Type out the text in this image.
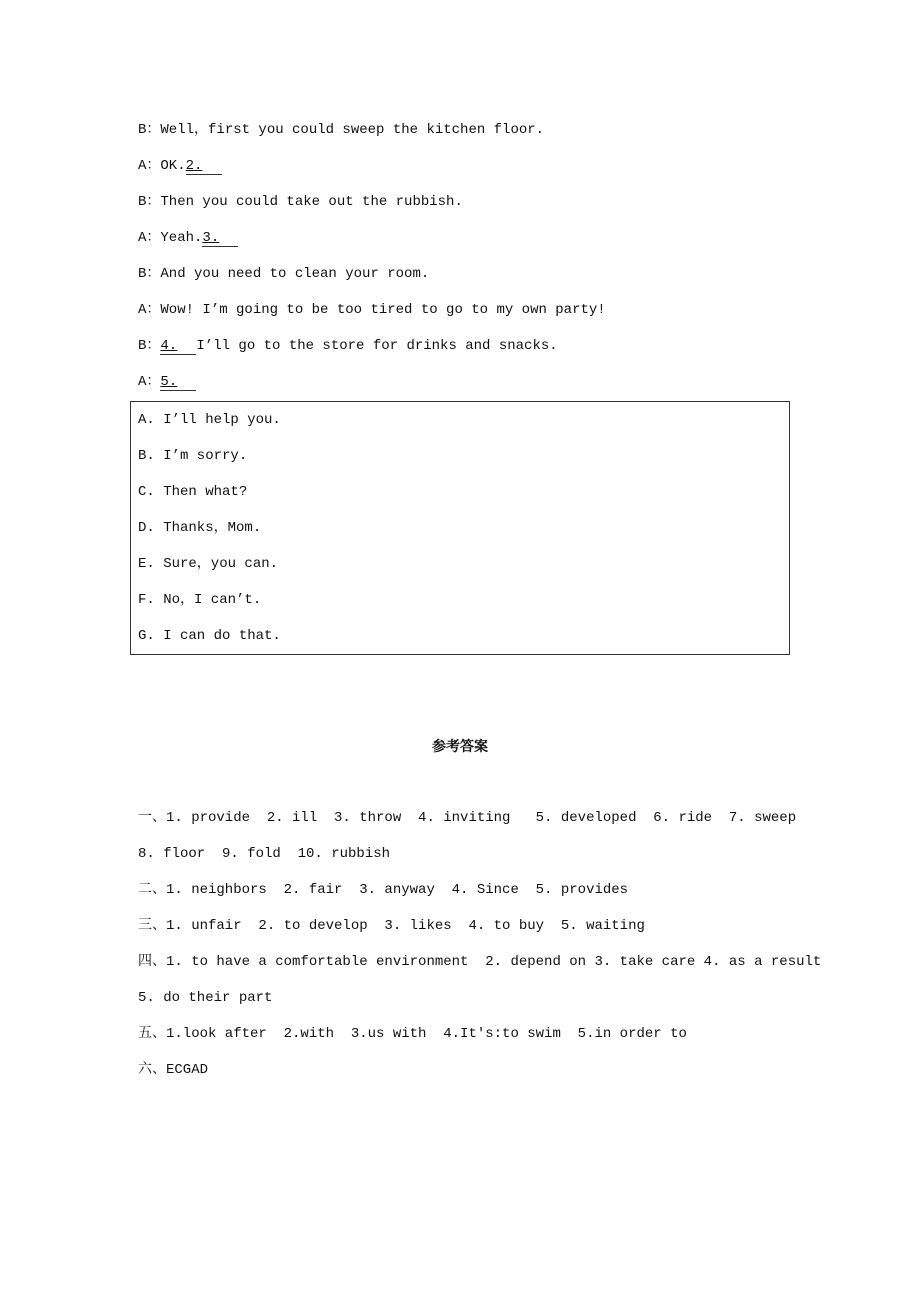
B：Well，first you could sweep the kitchen floor.
A：OK.2.
B：Then you could take out the rubbish.
A：Yeah.3.
B：And you need to clean your room.
A：Wow! I’m going to be too tired to go to my own party!
B：4. I’ll go to the store for drinks and snacks.
A：5.
A. I’ll help you.
B. I’m sorry.
C. Then what?
D. Thanks，Mom.
E. Sure，you can.
F. No，I can’t.
G. I can do that.
参考答案
一、1. provide  2. ill  3. throw  4. inviting   5. developed  6. ride  7. sweep
8. floor  9. fold  10. rubbish
二、1. neighbors  2. fair  3. anyway  4. Since  5. provides
三、1. unfair  2. to develop  3. likes  4. to buy  5. waiting
四、1. to have a comfortable environment  2. depend on 3. take care 4. as a result
5. do their part
五、1.look after  2.with  3.us with  4.It's:to swim  5.in order to
六、ECGAD
